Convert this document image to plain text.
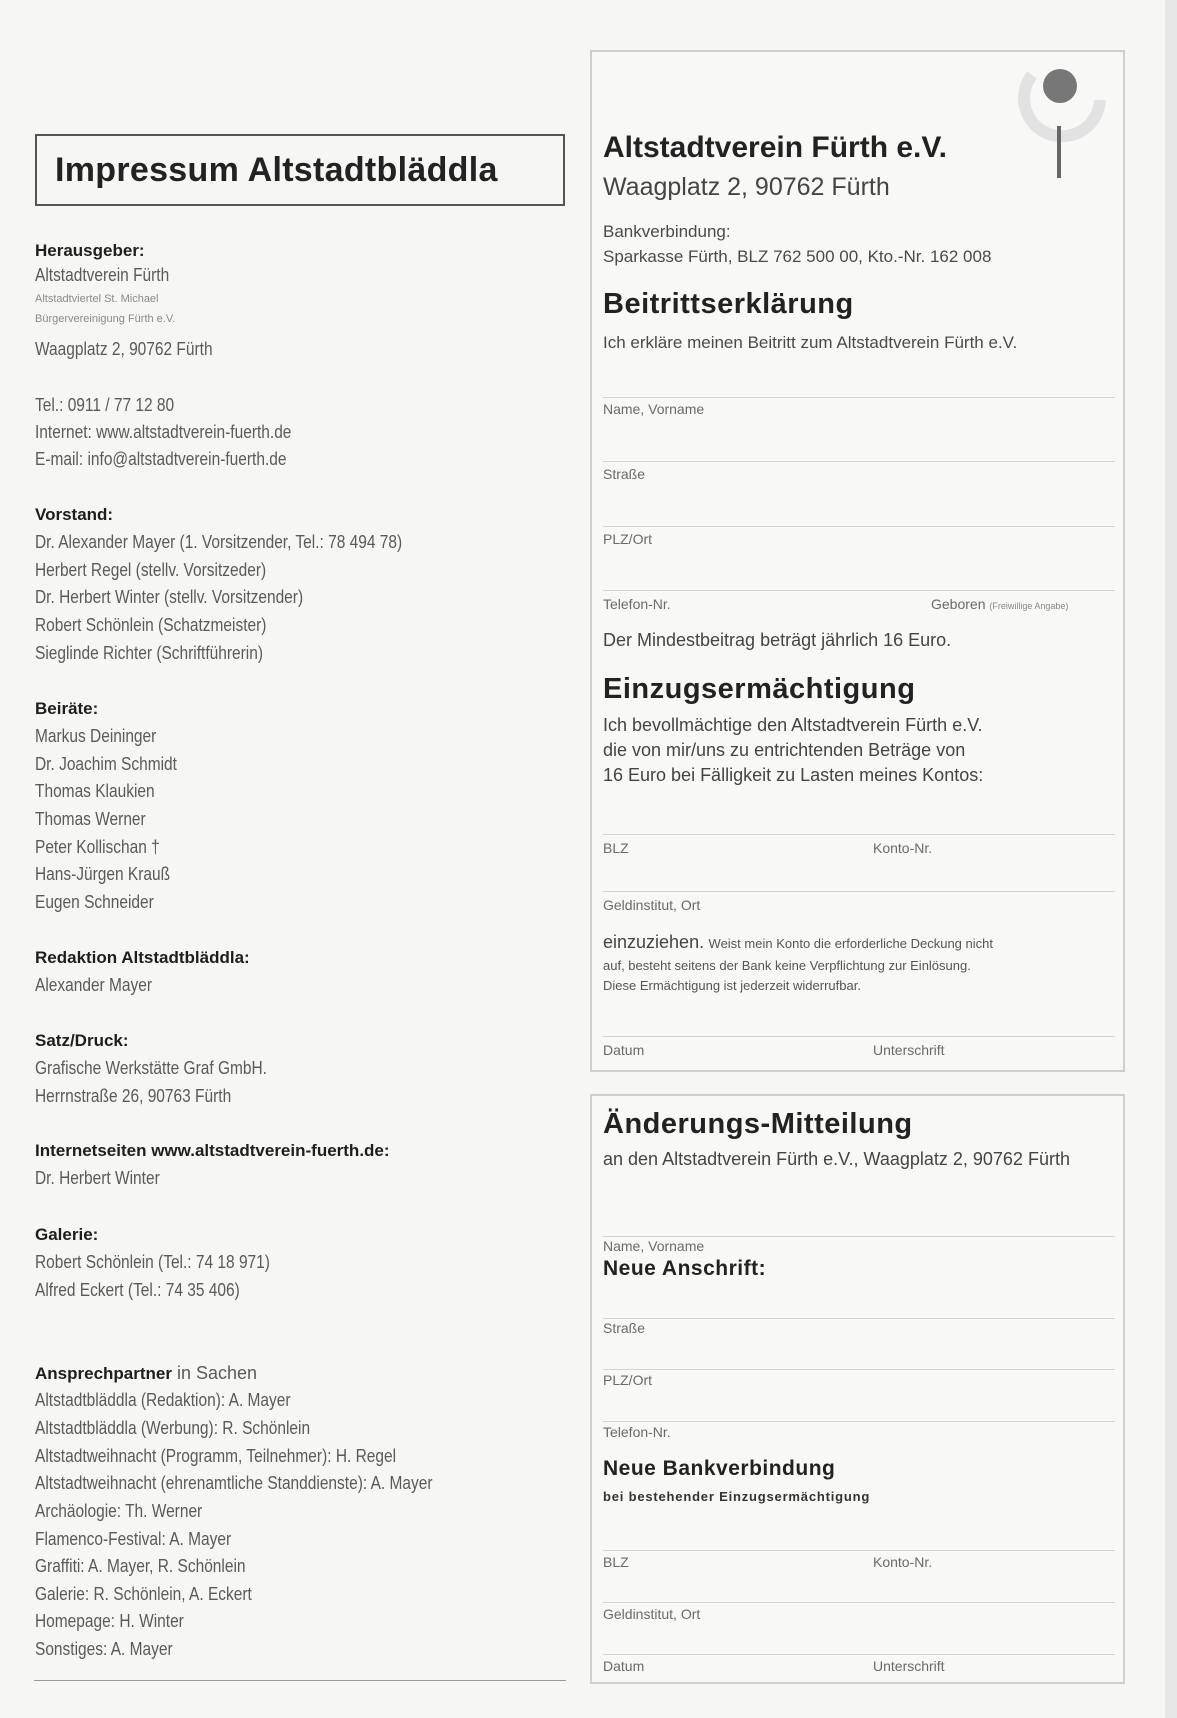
Impressum Altstadtbläddla
Herausgeber:
Altstadtverein Fürth
Altstadtviertel St. Michael
Bürgervereinigung Fürth e.V.
Waagplatz 2, 90762 Fürth
Tel.: 0911 / 77 12 80
Internet: www.altstadtverein-fuerth.de
E-mail: info@altstadtverein-fuerth.de
Vorstand:
Dr. Alexander Mayer (1. Vorsitzender, Tel.: 78 494 78)
Herbert Regel (stellv. Vorsitzeder)
Dr. Herbert Winter (stellv. Vorsitzender)
Robert Schönlein (Schatzmeister)
Sieglinde Richter (Schriftführerin)
Beiräte:
Markus Deininger
Dr. Joachim Schmidt
Thomas Klaukien
Thomas Werner
Peter Kollischan †
Hans-Jürgen Krauß
Eugen Schneider
Redaktion Altstadtbläddla:
Alexander Mayer
Satz/Druck:
Grafische Werkstätte Graf GmbH.
Herrnstraße 26, 90763 Fürth
Internetseiten www.altstadtverein-fuerth.de:
Dr. Herbert Winter
Galerie:
Robert Schönlein (Tel.: 74 18 971)
Alfred Eckert (Tel.: 74 35 406)
Ansprechpartner in Sachen
Altstadtbläddla (Redaktion): A. Mayer
Altstadtbläddla (Werbung): R. Schönlein
Altstadtweihnacht (Programm, Teilnehmer): H. Regel
Altstadtweihnacht (ehrenamtliche Standdienste): A. Mayer
Archäologie: Th. Werner
Flamenco-Festival: A. Mayer
Graffiti: A. Mayer, R. Schönlein
Galerie: R. Schönlein, A. Eckert
Homepage: H. Winter
Sonstiges: A. Mayer
Altstadtverein Fürth e.V.
Waagplatz 2, 90762 Fürth
Bankverbindung:
Sparkasse Fürth, BLZ 762 500 00, Kto.-Nr. 162 008
Beitrittserklärung
Ich erkläre meinen Beitritt zum Altstadtverein Fürth e.V.
Name, Vorname
Straße
PLZ/Ort
Telefon-Nr.	Geboren (Freiwillige Angabe)
Der Mindestbeitrag beträgt jährlich 16 Euro.
Einzugsermächtigung
Ich bevollmächtige den Altstadtverein Fürth e.V.
die von mir/uns zu entrichtenden Beträge von
16 Euro bei Fälligkeit zu Lasten meines Kontos:
BLZ	Konto-Nr.
Geldinstitut, Ort
einzuziehen. Weist mein Konto die erforderliche Deckung nicht
auf, besteht seitens der Bank keine Verpflichtung zur Einlösung.
Diese Ermächtigung ist jederzeit widerrufbar.
Datum	Unterschrift
Änderungs-Mitteilung
an den Altstadtverein Fürth e.V., Waagplatz 2, 90762 Fürth
Name, Vorname
Neue Anschrift:
Straße
PLZ/Ort
Telefon-Nr.
Neue Bankverbindung
bei bestehender Einzugsermächtigung
BLZ	Konto-Nr.
Geldinstitut, Ort
Datum	Unterschrift
